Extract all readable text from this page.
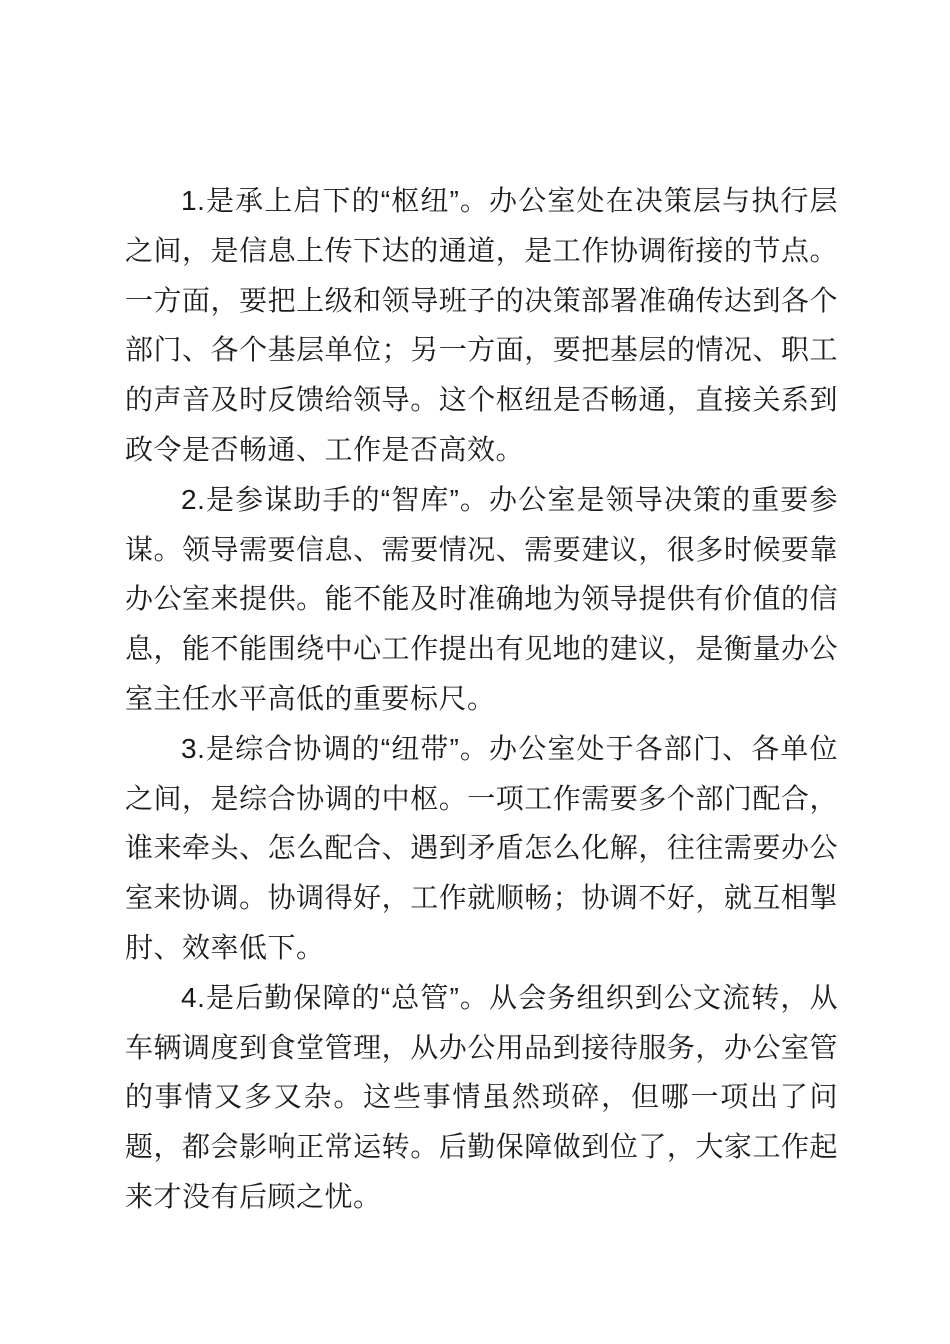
1.是承上启下的“枢纽”。办公室处在决策层与执行层之间，是信息上传下达的通道，是工作协调衔接的节点。一方面，要把上级和领导班子的决策部署准确传达到各个部门、各个基层单位；另一方面，要把基层的情况、职工的声音及时反馈给领导。这个枢纽是否畅通，直接关系到政令是否畅通、工作是否高效。

2.是参谋助手的“智库”。办公室是领导决策的重要参谋。领导需要信息、需要情况、需要建议，很多时候要靠办公室来提供。能不能及时准确地为领导提供有价值的信息，能不能围绕中心工作提出有见地的建议，是衡量办公室主任水平高低的重要标尺。

3.是综合协调的“纽带”。办公室处于各部门、各单位之间，是综合协调的中枢。一项工作需要多个部门配合，谁来牵头、怎么配合、遇到矛盾怎么化解，往往需要办公室来协调。协调得好，工作就顺畅；协调不好，就互相掣肘、效率低下。

4.是后勤保障的“总管”。从会务组织到公文流转，从车辆调度到食堂管理，从办公用品到接待服务，办公室管的事情又多又杂。这些事情虽然琐碎，但哪一项出了问题，都会影响正常运转。后勤保障做到位了，大家工作起来才没有后顾之忧。
